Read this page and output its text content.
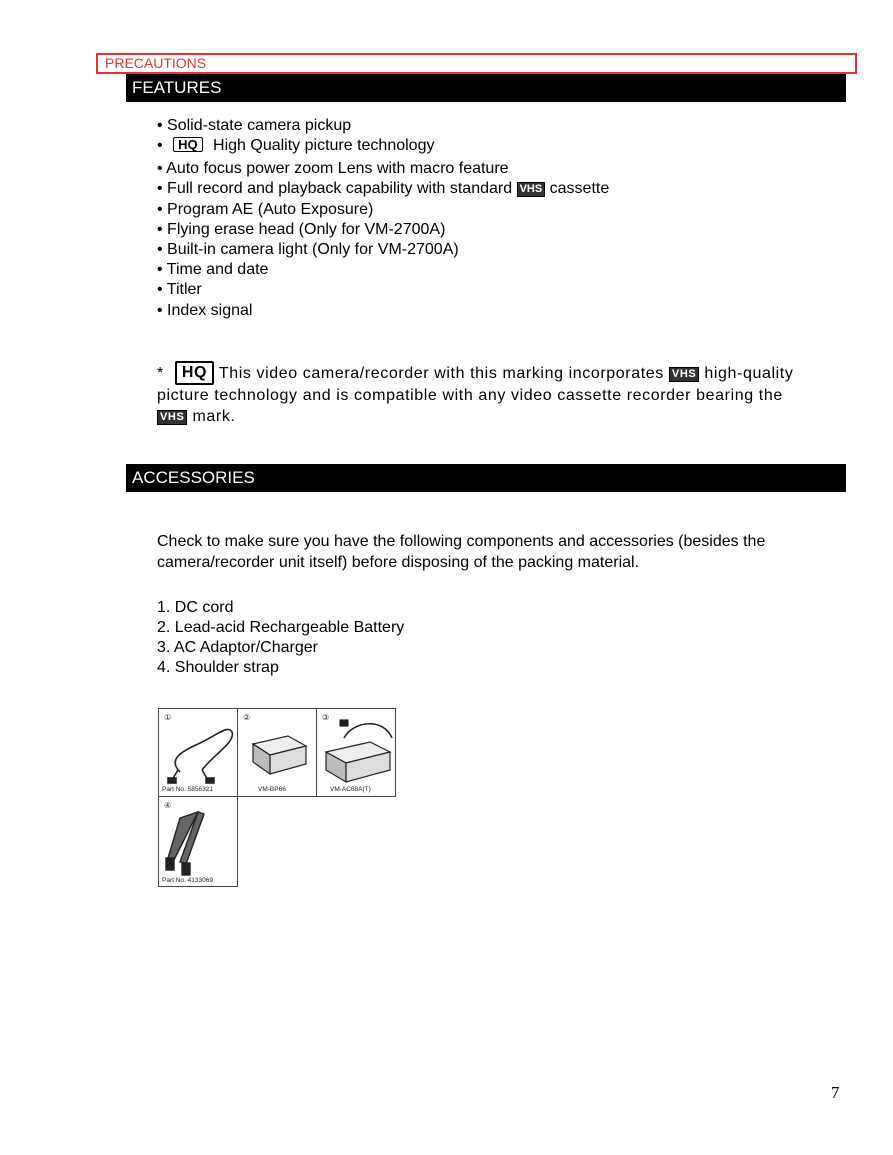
PRECAUTIONS
FEATURES
• Solid-state camera pickup
• HQ High Quality picture technology
• Auto focus power zoom Lens with macro feature
• Full record and playback capability with standard VHS cassette
• Program AE (Auto Exposure)
• Flying erase head (Only for VM-2700A)
• Built-in camera light (Only for VM-2700A)
• Time and date
• Titler
• Index signal
* HQ This video camera/recorder with this marking incorporates VHS high-quality picture technology and is compatible with any video cassette recorder bearing the VHS mark.
ACCESSORIES
Check to make sure you have the following components and accessories (besides the camera/recorder unit itself) before disposing of the packing material.
1. DC cord
2. Lead-acid Rechargeable Battery
3. AC Adaptor/Charger
4. Shoulder strap
①	②	③
④
Part No. 5856321	VM-BP66	VM-AC68A(T)
Part No. 4133069
7
